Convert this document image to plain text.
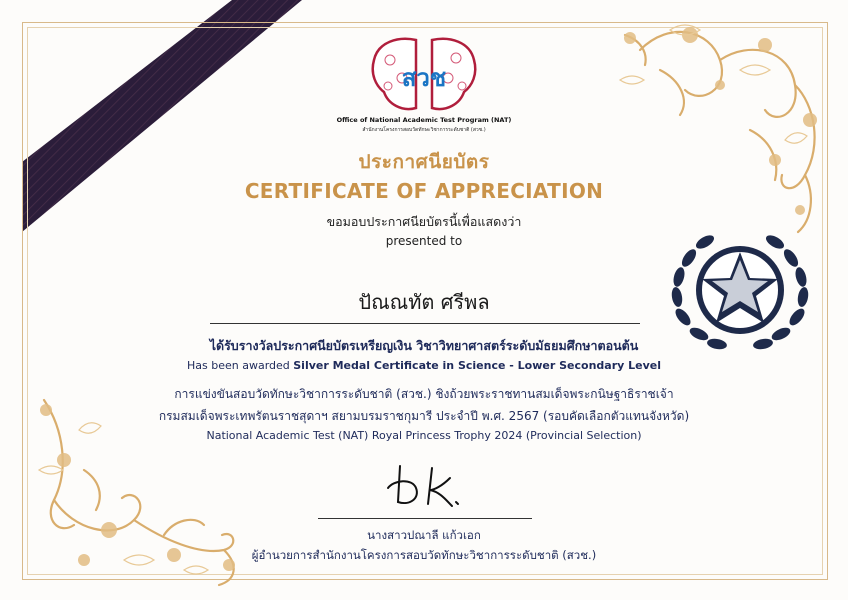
สวช
Office of National Academic Test Program (NAT)
สำนักงานโครงการสอบวัดทักษะวิชาการระดับชาติ (สวช.)
ประกาศนียบัตร
CERTIFICATE OF APPRECIATION
ขอมอบประกาศนียบัตรนี้เพื่อแสดงว่า
presented to
ปัณณทัต ศรีพล
ได้รับรางวัลประกาศนียบัตรเหรียญเงิน วิชาวิทยาศาสตร์ระดับมัธยมศึกษาตอนต้น
Has been awarded Silver Medal Certificate in Science - Lower Secondary Level
การแข่งขันสอบวัดทักษะวิชาการระดับชาติ (สวช.) ชิงถ้วยพระราชทานสมเด็จพระกนิษฐาธิราชเจ้า
กรมสมเด็จพระเทพรัตนราชสุดาฯ สยามบรมราชกุมารี ประจำปี พ.ศ. 2567 (รอบคัดเลือกตัวแทนจังหวัด)
National Academic Test (NAT) Royal Princess Trophy 2024 (Provincial Selection)
นางสาวปณาลี แก้วเอก
ผู้อำนวยการสำนักงานโครงการสอบวัดทักษะวิชาการระดับชาติ (สวช.)
